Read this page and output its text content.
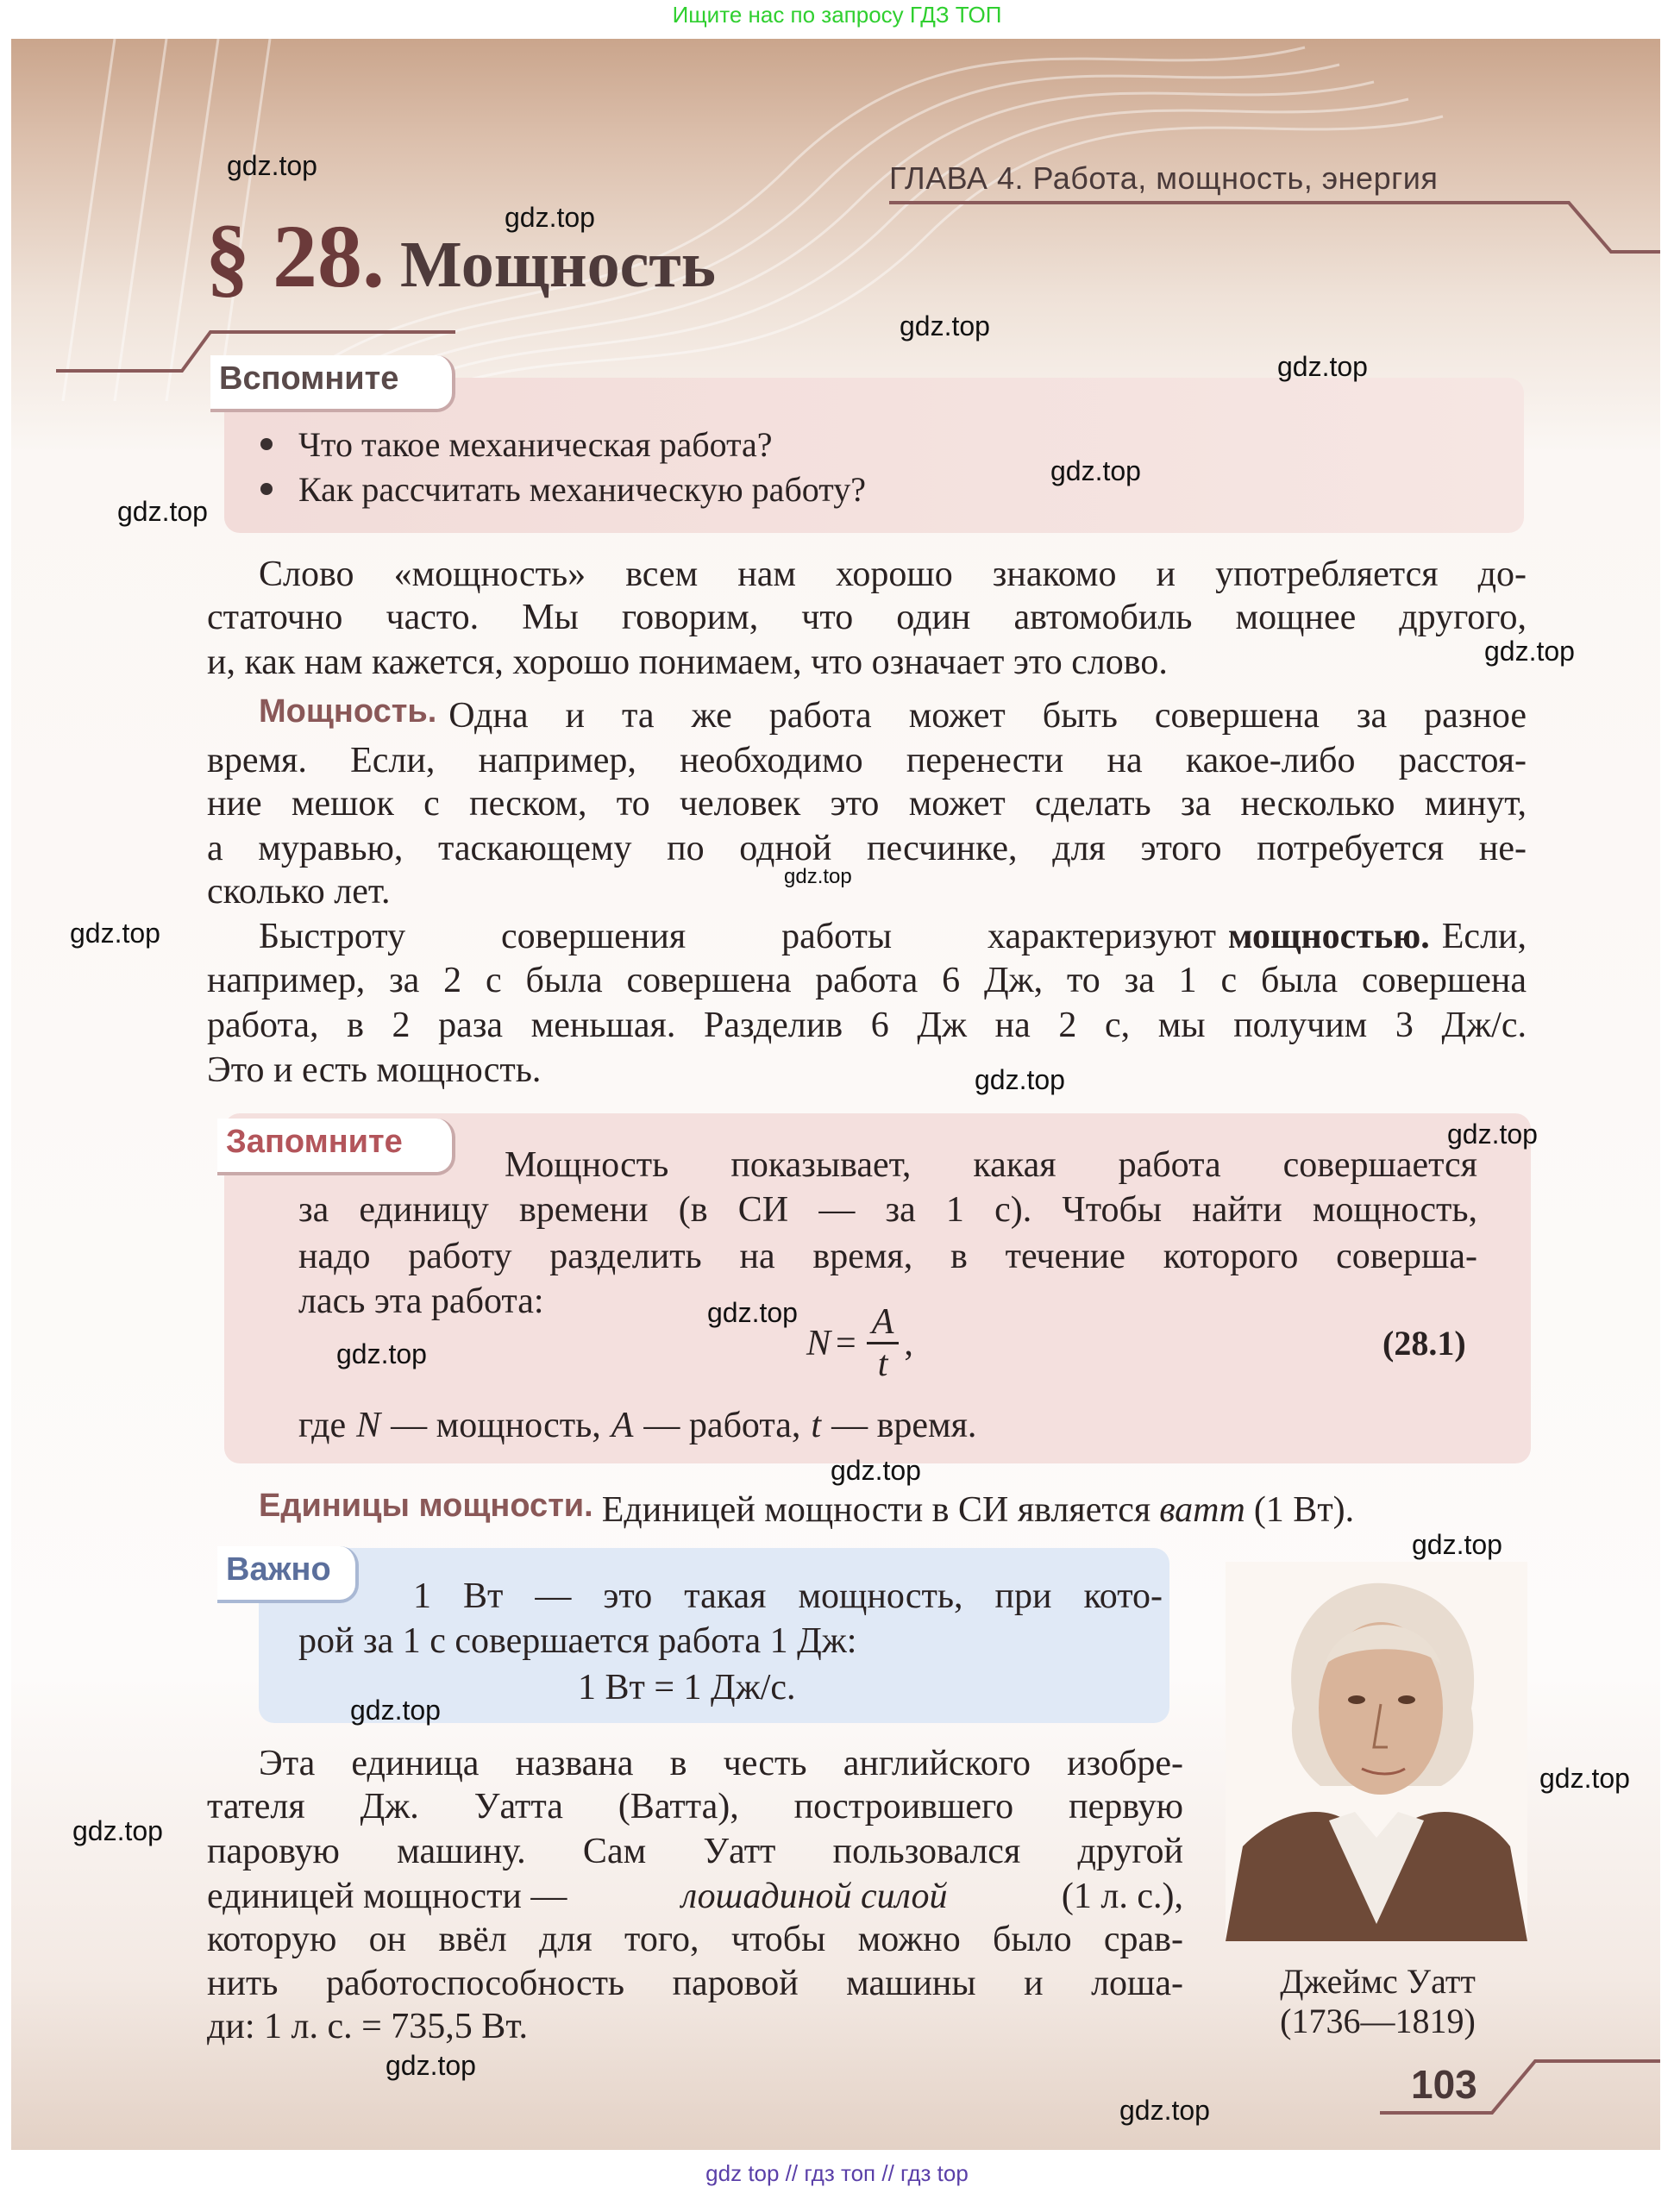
Ищите нас по запросу ГДЗ ТОП
ГЛАВА 4. Работа, мощность, энергия
§ 28. Мощность
Вспомните
Что такое механическая работа?
Как рассчитать механическую работу?
Слово «мощность» всем нам хорошо знакомо и употребляется до-
статочно часто. Мы говорим, что один автомобиль мощнее другого,
и, как нам кажется, хорошо понимаем, что означает это слово.
Мощность. Одна и та же работа может быть совершена за разное
время. Если, например, необходимо перенести на какое-либо расстоя-
ние мешок с песком, то человек это может сделать за несколько минут,
а муравью, таскающему по одной песчинке, для этого потребуется не-
сколько лет.
Быстроту совершения работы характеризуют мощностью. Если,
например, за 2 с была совершена работа 6 Дж, то за 1 с была совершена
работа, в 2 раза меньшая. Разделив 6 Дж на 2 с, мы получим 3 Дж/с.
Это и есть мощность.
Запомните
Мощность показывает, какая работа совершается
за единицу времени (в СИ — за 1 с). Чтобы найти мощность,
надо работу разделить на время, в течение которого соверша-
лась эта работа:
$N = \frac{A}{t}$ ,	(28.1)
где N — мощность, A — работа, t — время.
Единицы мощности. Единицей мощности в СИ является ватт (1 Вт).
Важно
1 Вт — это такая мощность, при кото-
рой за 1 с совершается работа 1 Дж:
1 Вт = 1 Дж/с.
Эта единица названа в честь английского изобре-
тателя Дж. Уатта (Ватта), построившего первую
паровую машину. Сам Уатт пользовался другой
единицей мощности —	лошадиной силой	(1 л. с.),
которую он ввёл для того, чтобы можно было срав-
нить работоспособность паровой машины и лоша-
ди: 1 л. с. = 735,5 Вт.
Джеймс Уатт
(1736—1819)
103
gdz.top
gdz.top
gdz.top
gdz.top
gdz.top
gdz.top
gdz.top
gdz.top
gdz.top
gdz.top
gdz.top
gdz.top
gdz.top
gdz.top
gdz.top
gdz.top
gdz.top
gdz.top
gdz.top
gdz.top
gdz top // гдз топ // гдз top
